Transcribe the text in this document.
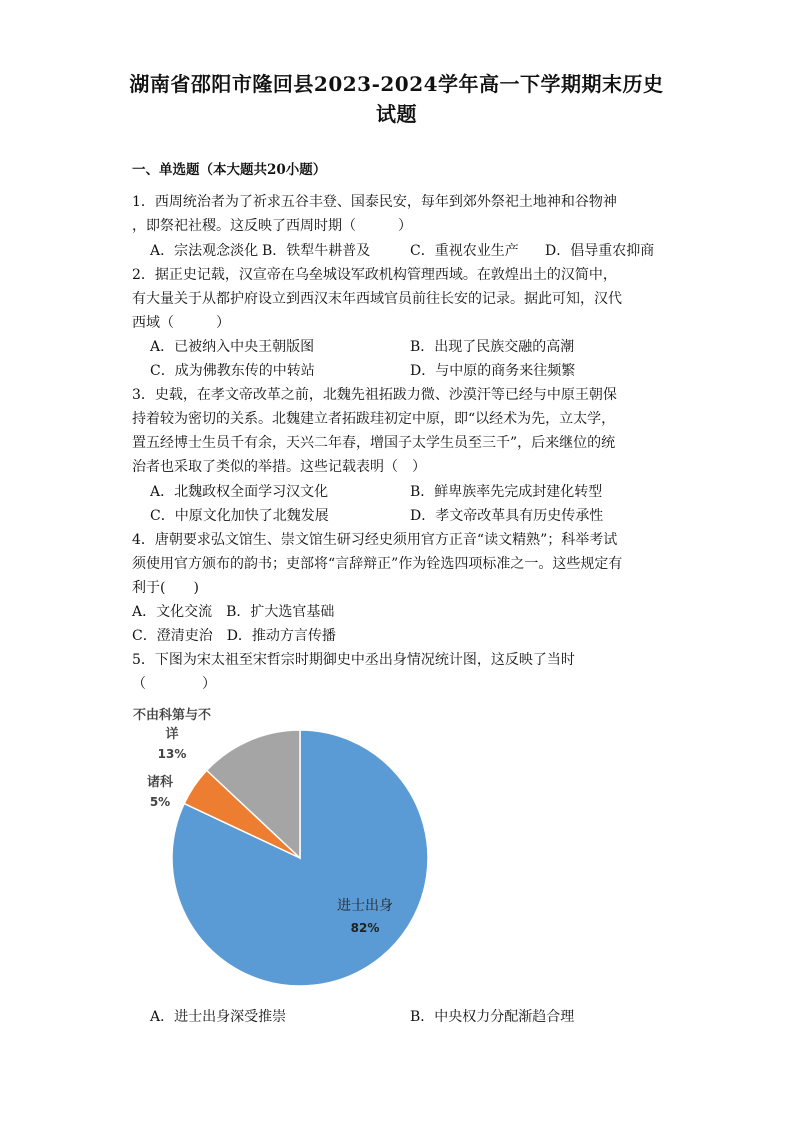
湖南省邵阳市隆回县2023-2024学年高一下学期期末历史
试题
一、单选题（本大题共20小题）
1．西周统治者为了祈求五谷丰登、国泰民安，每年到郊外祭祀土地神和谷物神
，即祭祀社稷。这反映了西周时期（　　　）
A．宗法观念淡化 B．铁犁牛耕普及	C．重视农业生产 D．倡导重农抑商
2．据正史记载，汉宣帝在乌垒城设军政机构管理西域。在敦煌出土的汉简中，
有大量关于从都护府设立到西汉末年西域官员前往长安的记录。据此可知，汉代
西域（　　　）
A．已被纳入中央王朝版图	B．出现了民族交融的高潮
C．成为佛教东传的中转站	D．与中原的商务来往频繁
3．史载，在孝文帝改革之前，北魏先祖拓跋力微、沙漠汗等已经与中原王朝保
持着较为密切的关系。北魏建立者拓跋珪初定中原，即“以经术为先，立太学，
置五经博士生员千有余，天兴二年春，增国子太学生员至三千”，后来继位的统
治者也采取了类似的举措。这些记载表明（　）
A．北魏政权全面学习汉文化	B．鲜卑族率先完成封建化转型
C．中原文化加快了北魏发展	D．孝文帝改革具有历史传承性
4．唐朝要求弘文馆生、崇文馆生研习经史须用官方正音“读文精熟”；科举考试
须使用官方颁布的韵书；吏部将“言辞辩正”作为铨选四项标准之一。这些规定有
利于(　　)
A．文化交流　B．扩大选官基础
C．澄清吏治　D．推动方言传播
5．下图为宋太祖至宋哲宗时期御史中丞出身情况统计图，这反映了当时
（　　　　）
进士出身
82%
诸科
5%
不由科第与不
详
13%
A．进士出身深受推崇	B．中央权力分配渐趋合理
